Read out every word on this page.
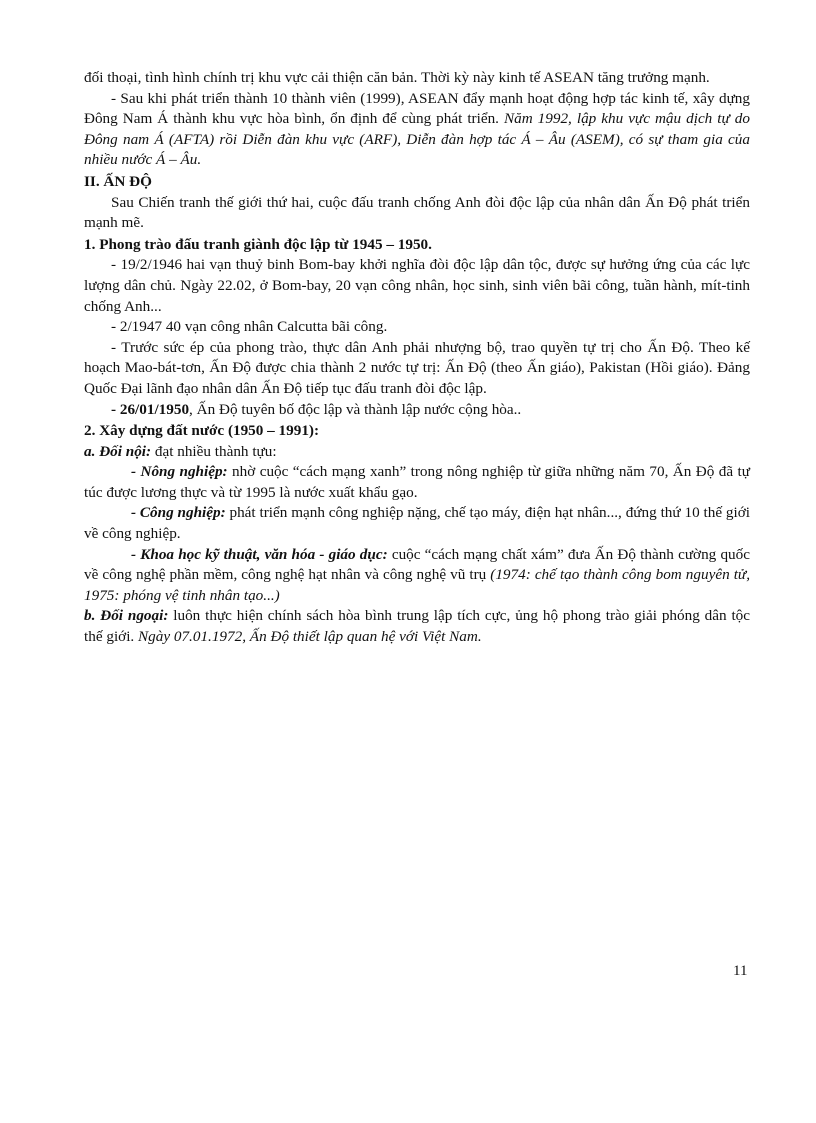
đối thoại, tình hình chính trị khu vực cải thiện căn bản. Thời kỳ này kinh tế ASEAN tăng trưởng mạnh.

- Sau khi phát triển thành 10 thành viên (1999), ASEAN đẩy mạnh hoạt động hợp tác kinh tế, xây dựng Đông Nam Á thành khu vực hòa bình, ổn định để cùng phát triển. Năm 1992, lập khu vực mậu dịch tự do Đông nam Á (AFTA) rồi Diễn đàn khu vực (ARF), Diễn đàn hợp tác Á – Âu (ASEM), có sự tham gia của nhiều nước Á – Âu.

II. ẤN ĐỘ

Sau Chiến tranh thế giới thứ hai, cuộc đấu tranh chống Anh đòi độc lập của nhân dân Ấn Độ phát triển mạnh mẽ.

1. Phong trào đấu tranh giành độc lập từ 1945 – 1950.

- 19/2/1946 hai vạn thuỷ binh Bom-bay khởi nghĩa đòi độc lập dân tộc, được sự hưởng ứng của các lực lượng dân chủ. Ngày 22.02, ở Bom-bay, 20 vạn công nhân, học sinh, sinh viên bãi công, tuần hành, mít-tinh chống Anh...

- 2/1947 40 vạn công nhân Calcutta bãi công.

- Trước sức ép của phong trào, thực dân Anh phải nhượng bộ, trao quyền tự trị cho Ấn Độ. Theo kế hoạch Mao-bát-tơn, Ấn Độ được chia thành 2 nước tự trị: Ấn Độ (theo Ấn giáo), Pakistan (Hồi giáo). Đảng Quốc Đại lãnh đạo nhân dân Ấn Độ tiếp tục đấu tranh đòi độc lập.

- 26/01/1950, Ấn Độ tuyên bố độc lập và thành lập nước cộng hòa..

2. Xây dựng đất nước (1950 – 1991):

a. Đối nội: đạt nhiều thành tựu:

- Nông nghiệp: nhờ cuộc “cách mạng xanh” trong nông nghiệp từ giữa những năm 70, Ấn Độ đã tự túc được lương thực và từ 1995 là nước xuất khẩu gạo.

- Công nghiệp: phát triển mạnh công nghiệp nặng, chế tạo máy, điện hạt nhân..., đứng thứ 10 thế giới về công nghiệp.

- Khoa học kỹ thuật, văn hóa - giáo dục: cuộc “cách mạng chất xám” đưa Ấn Độ thành cường quốc về công nghệ phần mềm, công nghệ hạt nhân và công nghệ vũ trụ (1974: chế tạo thành công bom nguyên tử, 1975: phóng vệ tinh nhân tạo...)

b. Đối ngoại: luôn thực hiện chính sách hòa bình trung lập tích cực, ủng hộ phong trào giải phóng dân tộc thế giới. Ngày 07.01.1972, Ấn Độ thiết lập quan hệ với Việt Nam.

11
